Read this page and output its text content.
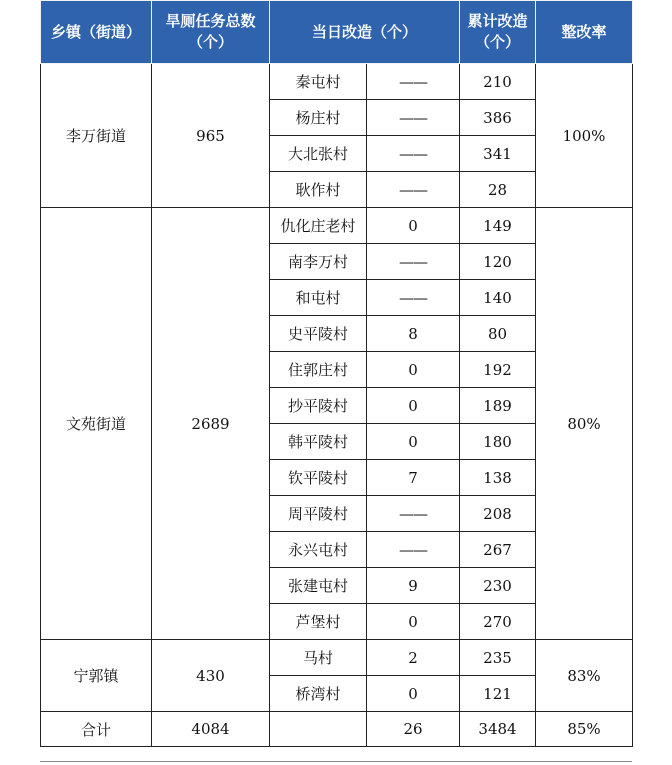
乡镇（街道）	旱厕任务总数（个）	当日改造（个）		累计改造（个）	整改率
李万街道	965	秦屯村	——	210	100%
		杨庄村	——	386	
		大北张村	——	341	
		耿作村	——	28	
文苑街道	2689	仇化庄老村	0	149	80%
		南李万村	——	120	
		和屯村	——	140	
		史平陵村	8	80	
		住郭庄村	0	192	
		抄平陵村	0	189	
		韩平陵村	0	180	
		钦平陵村	7	138	
		周平陵村	——	208	
		永兴屯村	——	267	
		张建屯村	9	230	
		芦堡村	0	270	
宁郭镇	430	马村	2	235	83%
		桥湾村	0	121	
合计	4084		26	3484	85%
